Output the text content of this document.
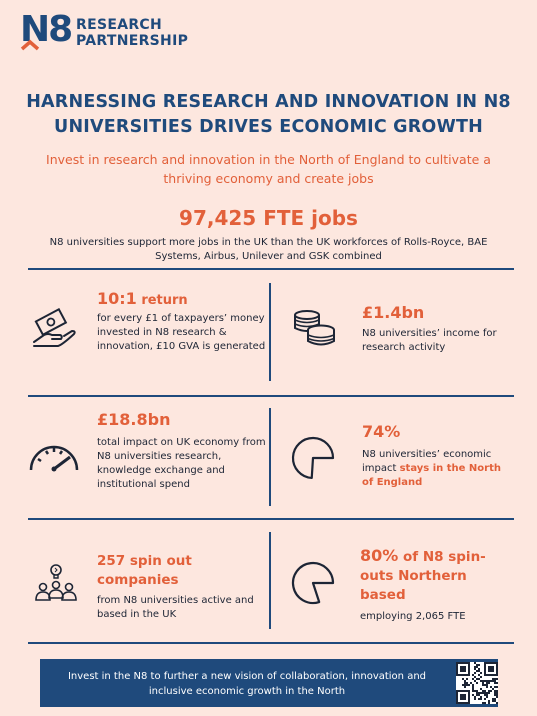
N8 RESEARCH
PARTNERSHIP
HARNESSING RESEARCH AND INNOVATION IN N8 UNIVERSITIES DRIVES ECONOMIC GROWTH
Invest in research and innovation in the North of England to cultivate a thriving economy and create jobs
97,425 FTE jobs
N8 universities support more jobs in the UK than the UK workforces of Rolls-Royce, BAE Systems, Airbus, Unilever and GSK combined
10:1 return
for every £1 of taxpayers’ money invested in N8 research & innovation, £10 GVA is generated
£1.4bn
N8 universities’ income for research activity
£18.8bn
total impact on UK economy from N8 universities research, knowledge exchange and institutional spend
74%
N8 universities’ economic impact stays in the North of England
257 spin out companies
from N8 universities active and based in the UK
80% of N8 spin-outs Northern based
employing 2,065 FTE
Invest in the N8 to further a new vision of collaboration, innovation and inclusive economic growth in the North
